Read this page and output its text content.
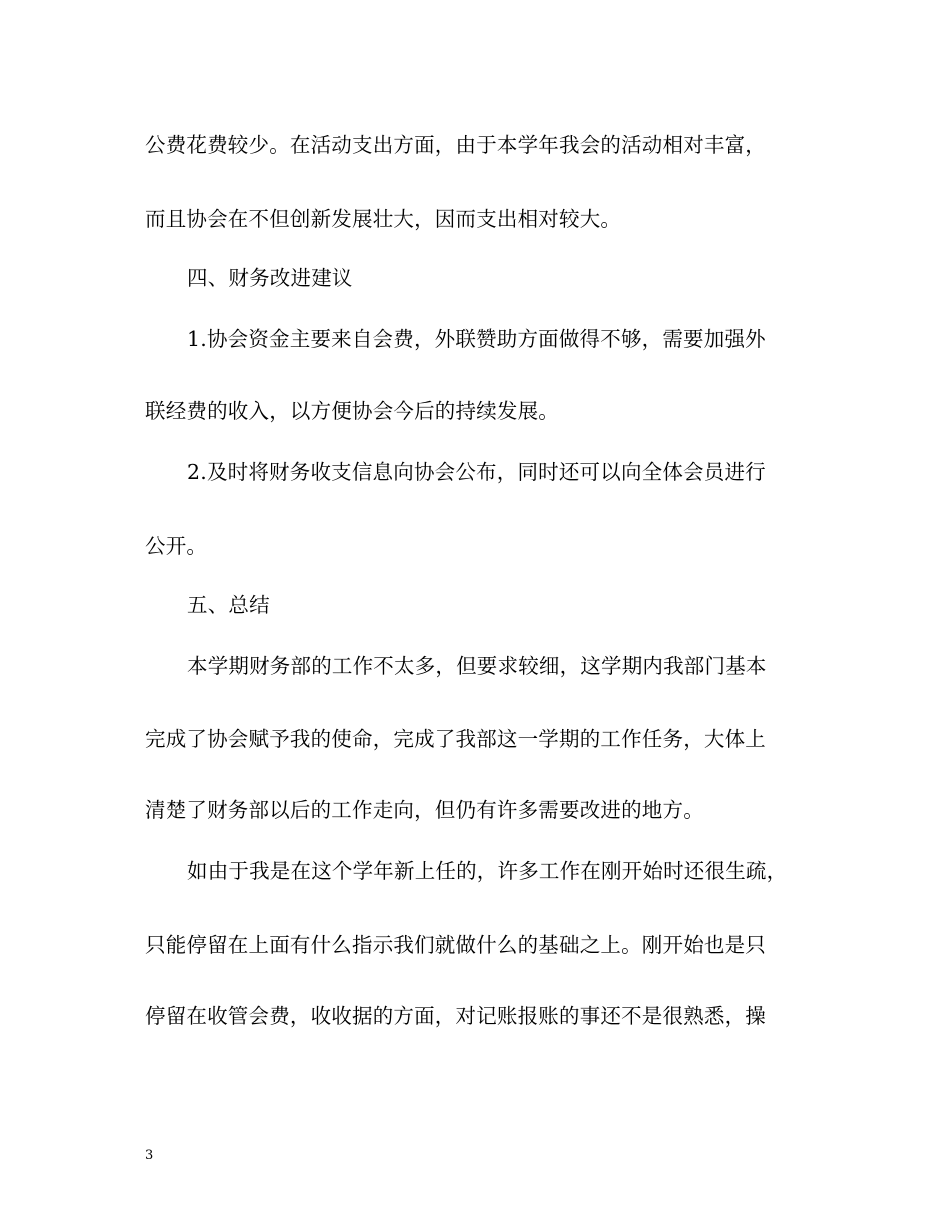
公费花费较少。在活动支出方面，由于本学年我会的活动相对丰富，
而且协会在不但创新发展壮大，因而支出相对较大。
四、财务改进建议
1.协会资金主要来自会费，外联赞助方面做得不够，需要加强外
联经费的收入，以方便协会今后的持续发展。
2.及时将财务收支信息向协会公布，同时还可以向全体会员进行
公开。
五、总结
本学期财务部的工作不太多，但要求较细，这学期内我部门基本
完成了协会赋予我的使命，完成了我部这一学期的工作任务，大体上
清楚了财务部以后的工作走向，但仍有许多需要改进的地方。
如由于我是在这个学年新上任的，许多工作在刚开始时还很生疏，
只能停留在上面有什么指示我们就做什么的基础之上。刚开始也是只
停留在收管会费，收收据的方面，对记账报账的事还不是很熟悉，操
3
